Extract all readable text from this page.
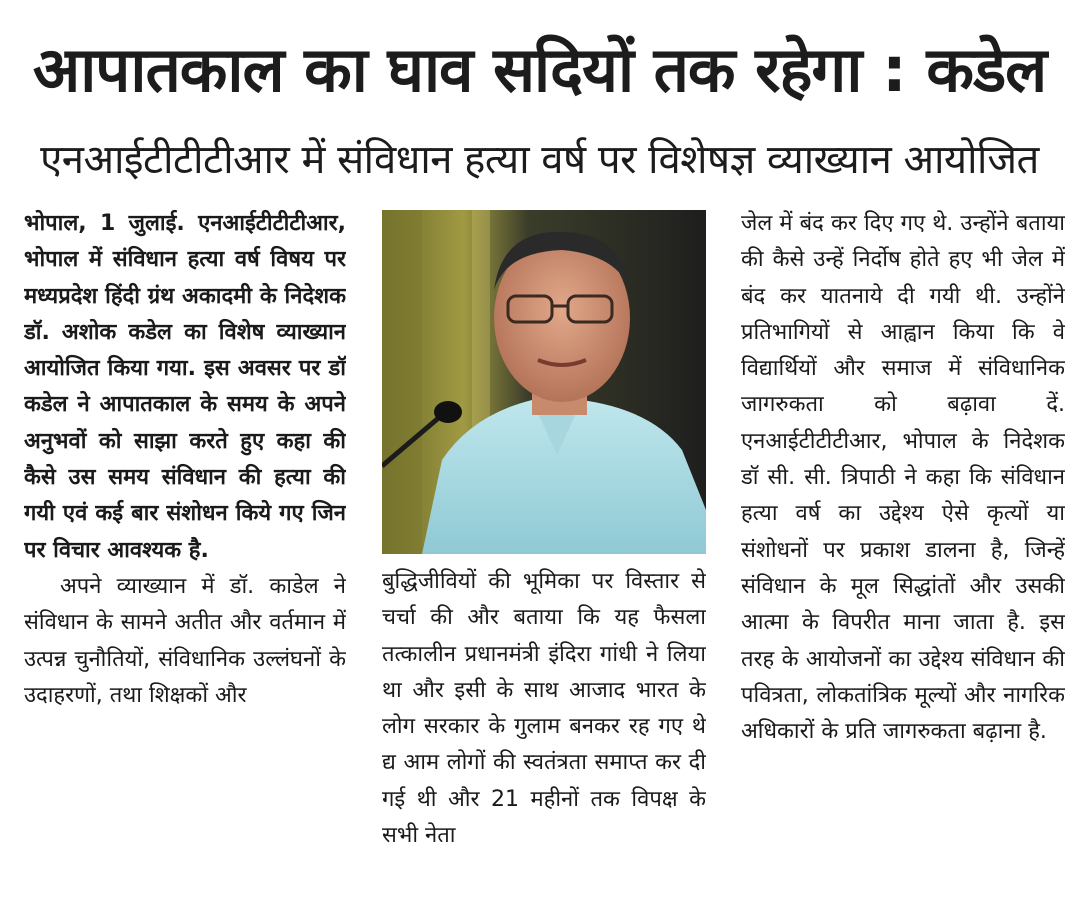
आपातकाल का घाव सदियों तक रहेगा : कडेल
एनआईटीटीटीआर में संविधान हत्या वर्ष पर विशेषज्ञ व्याख्यान आयोजित

भोपाल, 1 जुलाई. एनआईटीटीटीआर, भोपाल में संविधान हत्या वर्ष विषय पर मध्यप्रदेश हिंदी ग्रंथ अकादमी के निदेशक डॉ. अशोक कडेल का विशेष व्याख्यान आयोजित किया गया. इस अवसर पर डॉ कडेल ने आपातकाल के समय के अपने अनुभवों को साझा करते हुए कहा की कैसे उस समय संविधान की हत्या की गयी एवं कई बार संशोधन किये गए जिन पर विचार आवश्यक है.

अपने व्याख्यान में डॉ. काडेल ने संविधान के सामने अतीत और वर्तमान में उत्पन्न चुनौतियों, संविधानिक उल्लंघनों के उदाहरणों, तथा शिक्षकों और

बुद्धिजीवियों की भूमिका पर विस्तार से चर्चा की और बताया कि यह फैसला तत्कालीन प्रधानमंत्री इंदिरा गांधी ने लिया था और इसी के साथ आजाद भारत के लोग सरकार के गुलाम बनकर रह गए थे द्य आम लोगों की स्वतंत्रता समाप्त कर दी गई थी और 21 महीनों तक विपक्ष के सभी नेता

जेल में बंद कर दिए गए थे. उन्होंने बताया की कैसे उन्हें निर्दोष होते हए भी जेल में बंद कर यातनाये दी गयी थी. उन्होंने प्रतिभागियों से आह्वान किया कि वे विद्यार्थियों और समाज में संविधानिक जागरुकता को बढ़ावा दें. एनआईटीटीटीआर, भोपाल के निदेशक डॉ सी. सी. त्रिपाठी ने कहा कि संविधान हत्या वर्ष का उद्देश्य ऐसे कृत्यों या संशोधनों पर प्रकाश डालना है, जिन्हें संविधान के मूल सिद्धांतों और उसकी आत्मा के विपरीत माना जाता है. इस तरह के आयोजनों का उद्देश्य संविधान की पवित्रता, लोकतांत्रिक मूल्यों और नागरिक अधिकारों के प्रति जागरुकता बढ़ाना है.
